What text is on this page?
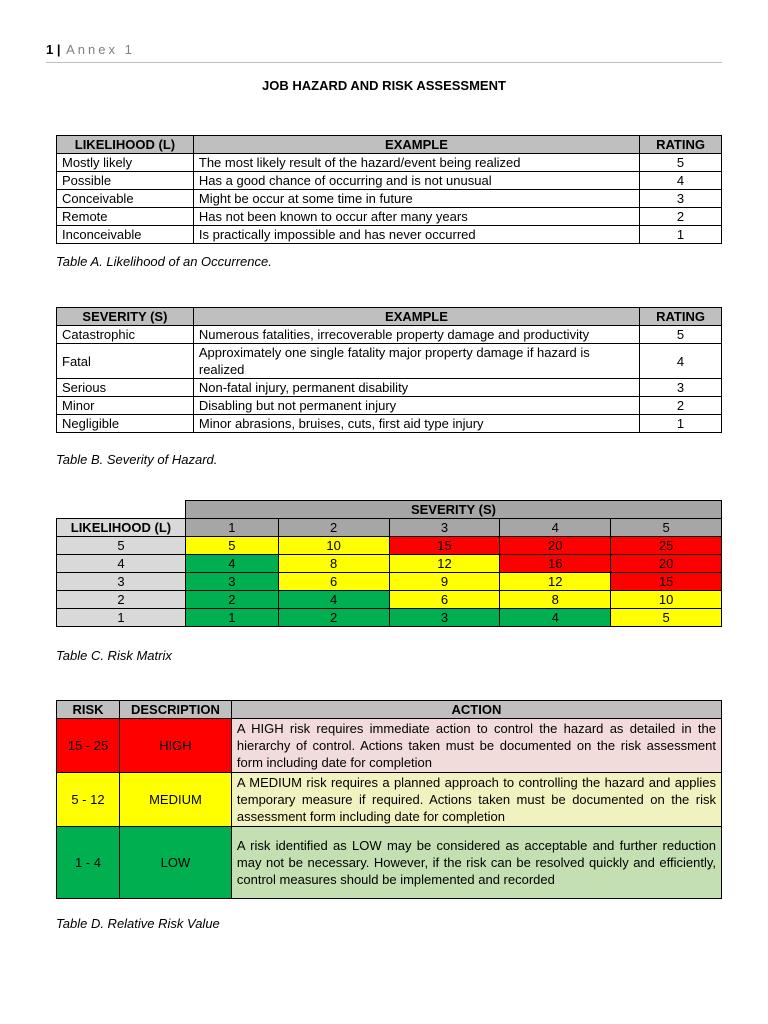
1 | Annex 1
JOB HAZARD AND RISK ASSESSMENT
LIKELIHOOD (L)	EXAMPLE	RATING
Mostly likely	The most likely result of the hazard/event being realized	5
Possible	Has a good chance of occurring and is not unusual	4
Conceivable	Might be occur at some time in future	3
Remote	Has not been known to occur after many years	2
Inconceivable	Is practically impossible and has never occurred	1
Table A. Likelihood of an Occurrence.
SEVERITY (S)	EXAMPLE	RATING
Catastrophic	Numerous fatalities, irrecoverable property damage and productivity	5
Fatal	Approximately one single fatality major property damage if hazard is realized	4
Serious	Non-fatal injury, permanent disability	3
Minor	Disabling but not permanent injury	2
Negligible	Minor abrasions, bruises, cuts, first aid type injury	1
Table B. Severity of Hazard.
	SEVERITY (S)				
LIKELIHOOD (L)	1	2	3	4	5
5	5	10	15	20	25
4	4	8	12	16	20
3	3	6	9	12	15
2	2	4	6	8	10
1	1	2	3	4	5
Table C. Risk Matrix
RISK	DESCRIPTION	ACTION
15 - 25	HIGH	A HIGH risk requires immediate action to control the hazard as detailed in the hierarchy of control. Actions taken must be documented on the risk assessment form including date for completion
5 - 12	MEDIUM	A MEDIUM risk requires a planned approach to controlling the hazard and applies temporary measure if required. Actions taken must be documented on the risk assessment form including date for completion
1 - 4	LOW	A risk identified as LOW may be considered as acceptable and further reduction may not be necessary. However, if the risk can be resolved quickly and efficiently, control measures should be implemented and recorded
Table D. Relative Risk Value
